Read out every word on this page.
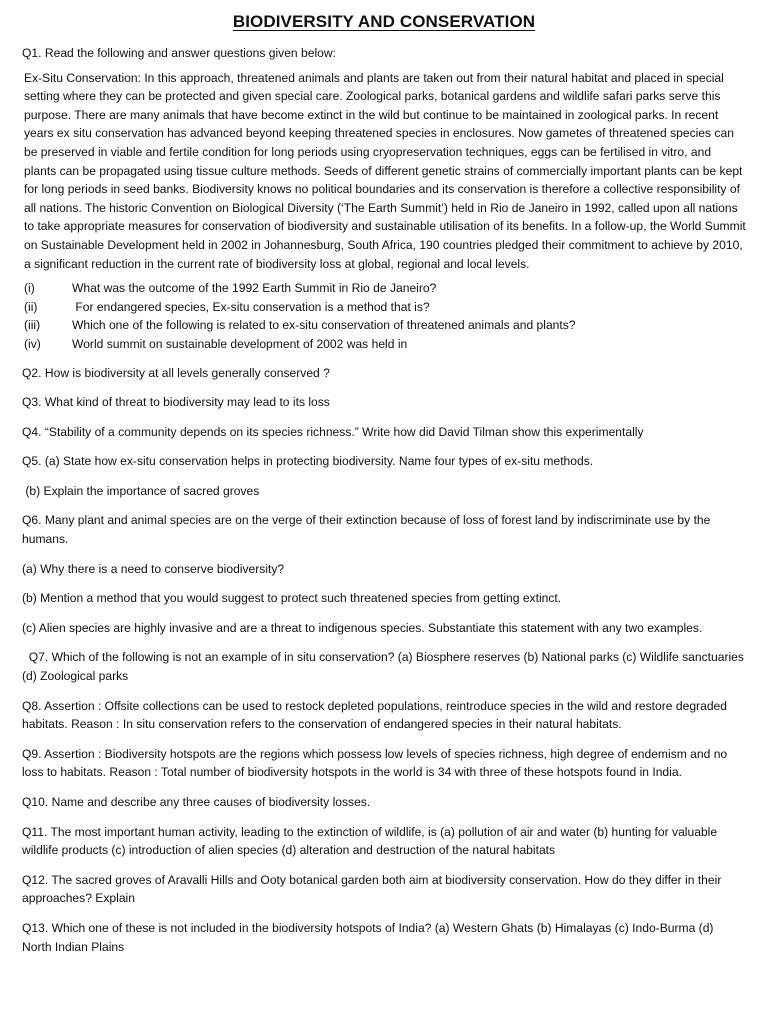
BIODIVERSITY AND CONSERVATION

Q1. Read the following and answer questions given below:

Ex-Situ Conservation: In this approach, threatened animals and plants are taken out from their natural habitat and placed in special setting where they can be protected and given special care. Zoological parks, botanical gardens and wildlife safari parks serve this purpose. There are many animals that have become extinct in the wild but continue to be maintained in zoological parks. In recent years ex situ conservation has advanced beyond keeping threatened species in enclosures. Now gametes of threatened species can be preserved in viable and fertile condition for long periods using cryopreservation techniques, eggs can be fertilised in vitro, and plants can be propagated using tissue culture methods. Seeds of different genetic strains of commercially important plants can be kept for long periods in seed banks. Biodiversity knows no political boundaries and its conservation is therefore a collective responsibility of all nations. The historic Convention on Biological Diversity (‘The Earth Summit’) held in Rio de Janeiro in 1992, called upon all nations to take appropriate measures for conservation of biodiversity and sustainable utilisation of its benefits. In a follow-up, the World Summit on Sustainable Development held in 2002 in Johannesburg, South Africa, 190 countries pledged their commitment to achieve by 2010, a significant reduction in the current rate of biodiversity loss at global, regional and local levels.

(i)	What was the outcome of the 1992 Earth Summit in Rio de Janeiro?
(ii)	For endangered species, Ex-situ conservation is a method that is?
(iii)	Which one of the following is related to ex-situ conservation of threatened animals and plants?
(iv)	World summit on sustainable development of 2002 was held in

Q2. How is biodiversity at all levels generally conserved ?

Q3. What kind of threat to biodiversity may lead to its loss

Q4. “Stability of a community depends on its species richness.” Write how did David Tilman show this experimentally

Q5. (a) State how ex-situ conservation helps in protecting biodiversity. Name four types of ex-situ methods.

(b) Explain the importance of sacred groves

Q6. Many plant and animal species are on the verge of their extinction because of loss of forest land by indiscriminate use by the humans.

(a) Why there is a need to conserve biodiversity?

(b) Mention a method that you would suggest to protect such threatened species from getting extinct.

(c) Alien species are highly invasive and are a threat to indigenous species. Substantiate this statement with any two examples.

Q7. Which of the following is not an example of in situ conservation? (a) Biosphere reserves (b) National parks (c) Wildlife sanctuaries (d) Zoological parks

Q8. Assertion : Offsite collections can be used to restock depleted populations, reintroduce species in the wild and restore degraded habitats. Reason : In situ conservation refers to the conservation of endangered species in their natural habitats.

Q9. Assertion : Biodiversity hotspots are the regions which possess low levels of species richness, high degree of endemism and no loss to habitats. Reason : Total number of biodiversity hotspots in the world is 34 with three of these hotspots found in India.

Q10. Name and describe any three causes of biodiversity losses.

Q11. The most important human activity, leading to the extinction of wildlife, is (a) pollution of air and water (b) hunting for valuable wildlife products (c) introduction of alien species (d) alteration and destruction of the natural habitats

Q12. The sacred groves of Aravalli Hills and Ooty botanical garden both aim at biodiversity conservation. How do they differ in their approaches? Explain

Q13. Which one of these is not included in the biodiversity hotspots of India? (a) Western Ghats (b) Himalayas (c) Indo-Burma (d) North Indian Plains
